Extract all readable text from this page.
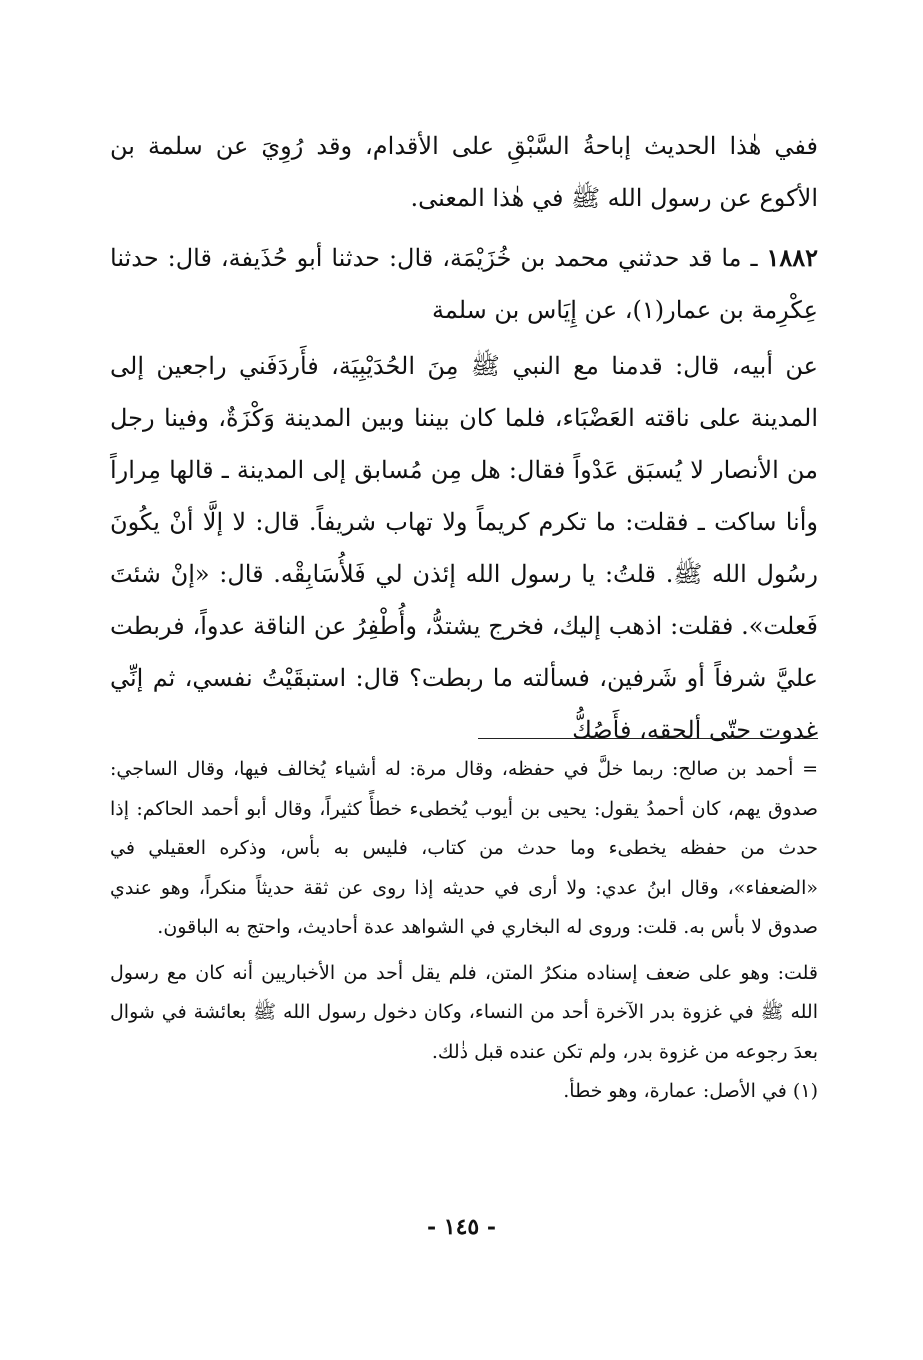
ففي هٰذا الحديث إباحةُ السَّبْقِ على الأقدام، وقد رُوِيَ عن سلمة بن الأكوع عن رسول الله ﷺ في هٰذا المعنى.

١٨٨٢ ـ ما قد حدثني محمد بن خُزَيْمَة، قال: حدثنا أبو حُذَيفة، قال: حدثنا عِكْرِمة بن عمار(١)، عن إِيَاس بن سلمة

عن أبيه، قال: قدمنا مع النبي ﷺ مِنَ الحُدَيْبِيَة، فأَردَفَني راجعين إلى المدينة على ناقته العَضْبَاء، فلما كان بيننا وبين المدينة وَكْزَةٌ، وفينا رجل من الأنصار لا يُسبَق عَدْواً فقال: هل مِن مُسابق إلى المدينة ـ قالها مِراراً وأنا ساكت ـ فقلت: ما تكرم كريماً ولا تهاب شريفاً. قال: لا إلَّا أنْ يكُونَ رسُول الله ﷺ. قلتُ: يا رسول الله إئذن لي فَلأُسَابِقْه. قال: «إنْ شئتَ فَعلت». فقلت: اذهب إليك، فخرج يشتدُّ، وأُطْفِرُ عن الناقة عدواً، فربطت عليَّ شرفاً أو شَرفين، فسألته ما ربطت؟ قال: استبقَيْتُ نفسي، ثم إنِّي غدوت حتّى ألحقه، فأَصُكُّ

= أحمد بن صالح: ربما خلَّ في حفظه، وقال مرة: له أشياء يُخالف فيها، وقال الساجي: صدوق يهم، كان أحمدُ يقول: يحيى بن أيوب يُخطىء خطأً كثيراً، وقال أبو أحمد الحاكم: إذا حدث من حفظه يخطىء وما حدث من كتاب، فليس به بأس، وذكره العقيلي في «الضعفاء»، وقال ابنُ عدي: ولا أرى في حديثه إذا روى عن ثقة حديثاً منكراً، وهو عندي صدوق لا بأس به. قلت: وروى له البخاري في الشواهد عدة أحاديث، واحتج به الباقون.

قلت: وهو على ضعف إسناده منكرُ المتن، فلم يقل أحد من الأخباريين أنه كان مع رسول الله ﷺ في غزوة بدر الآخرة أحد من النساء، وكان دخول رسول الله ﷺ بعائشة في شوال بعدَ رجوعه من غزوة بدر، ولم تكن عنده قبل ذٰلك.

(١) في الأصل: عمارة، وهو خطأ.

- ١٤٥ -
